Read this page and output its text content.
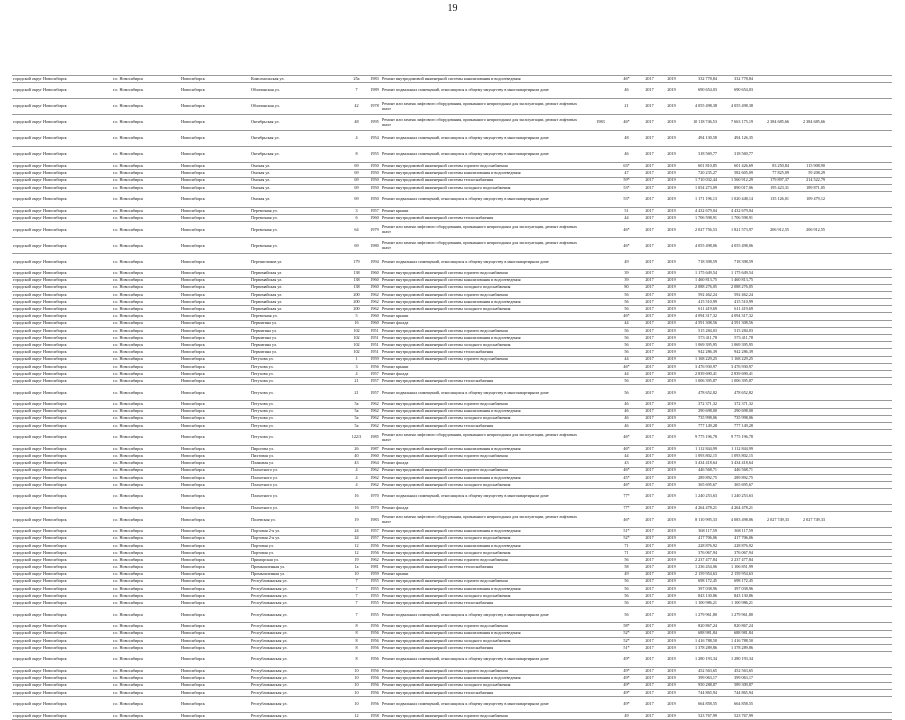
19
городской округ Новосибирск	г.о. Новосибирск	Новосибирск	Комсомольская ул.	25а	1983 Ремонт внутридомовой инженерной системы канализования и водоотведения	46*	2017	2019	332 778,84	332 778,84
городской округ Новосибирск	г.о. Новосибирск	Новосибирск	Облачанская ул.	7	1989 Ремонт подвальных помещений, относящихся к общему имуществу в многоквартирном доме	46	2017	2019	690 654,03	690 654,03
городской округ Новосибирск	г.о. Новосибирск	Новосибирск	Облачанская ул.	42	1978 Ремонт или замена лифтового оборудования, признанного непригодным для эксплуатации, ремонт лифтовых шахт	21	2017	2019	4 055 498,38	4 055 498,38
городской округ Новосибирск	г.о. Новосибирск	Новосибирск	Октябрьская ул.	48	1995 Ремонт или замена лифтового оборудования, признанного непригодным для эксплуатации, ремонт лифтовых шахт	1983	46*	2017	2019	10 118 746,53	7 663 175,19	2 384 685,66	2 384 685,66
городской округ Новосибирск	г.о. Новосибирск	Новосибирск	Октябрьская ул.	4	1954 Ремонт подвальных помещений, относящихся к общему имуществу в многоквартирном доме	48	2017	2019	494 130,58	494 126,35
городской округ Новосибирск	г.о. Новосибирск	Новосибирск	Октябрьская ул.	8	1955 Ремонт подвальных помещений, относящихся к общему имуществу в многоквартирном доме	46	2017	2019	318 569,77	318 569,77
городской округ Новосибирск	г.о. Новосибирск	Новосибирск	Омская ул.	69	1950 Ремонт внутридомовой инженерной системы горячего водоснабжения	63*	2017	2019	601 810,85	601 426,69	83 250,84	115 908,90
городской округ Новосибирск	г.о. Новосибирск	Новосибирск	Омская ул.	69	1950 Ремонт внутридомовой инженерной системы канализования и водоотведения	47	2017	2019	720 235,27	582 605,09	77 825,09	59 208,29
городской округ Новосибирск	г.о. Новосибирск	Новосибирск	Омская ул.	69	1950 Ремонт внутридомовой инженерной системы теплоснабжения	59*	2017	2019	1 710 032,44	1 560 912,29	179 897,37	214 522,79
городской округ Новосибирск	г.о. Новосибирск	Новосибирск	Омская ул.	69	1950 Ремонт внутридомовой инженерной системы холодного водоснабжения	53*	2017	2019	1 054 273,09	890 017,06	195 423,31	189 871,05
городской округ Новосибирск	г.о. Новосибирск	Новосибирск	Омская ул.	69	1950 Ремонт подвальных помещений, относящихся к общему имуществу в многоквартирном доме	53*	2017	2019	1 171 196,13	1 020 448,14	135 126,01	109 479,12
городской округ Новосибирск	г.о. Новосибирск	Новосибирск	Перевозная ул.	3	1957 Ремонт крыши	51	2017	2019	4 432 679,04	4 432 679,04
городской округ Новосибирск	г.о. Новосибирск	Новосибирск	Перевозная ул.	6	1960 Ремонт внутридомовой инженерной системы теплоснабжения	44	2017	2019	1 706 598,91	1 706 598,91
городской округ Новосибирск	г.о. Новосибирск	Новосибирск	Перевозная ул.	64	1979 Ремонт или замена лифтового оборудования, признанного непригодным для эксплуатации, ремонт лифтовых шахт	46*	2017	2019	2 027 756,53	1 821 573,97	206 912,55	206 912,55
городской округ Новосибирск	г.о. Новосибирск	Новосибирск	Перевозная ул.	69	1980 Ремонт или замена лифтового оборудования, признанного непригодным для эксплуатации, ремонт лифтовых шахт	46*	2017	2019	4 055 498,06	4 055 498,06
городской округ Новосибирск	г.о. Новосибирск	Новосибирск	Переписчиков ул.	179	1994 Ремонт подвальных помещений, относящихся к общему имуществу в многоквартирном доме	49	2017	2019	718 398,59	718 398,59
городской округ Новосибирск	г.о. Новосибирск	Новосибирск	Первомайская ул.	138	1960 Ремонт внутридомовой инженерной системы горячего водоснабжения	39	2017	2019	1 175 649,54	1 175 649,54
городской округ Новосибирск	г.о. Новосибирск	Новосибирск	Первомайская ул.	138	1960 Ремонт внутридомовой инженерной системы канализования и водоотведения	39	2017	2019	1 460 813,75	1 460 813,75
городской округ Новосибирск	г.о. Новосибирск	Новосибирск	Первомайская ул.	138	1960 Ремонт внутридомовой инженерной системы холодного водоснабжения	80	2017	2019	2 088 276,05	2 088 276,05
городской округ Новосибирск	г.о. Новосибирск	Новосибирск	Первомайская ул.	200	1962 Ремонт внутридомовой инженерной системы горячего водоснабжения	56	2017	2019	592 462,24	592 462,24
городской округ Новосибирск	г.о. Новосибирск	Новосибирск	Первомайская ул.	200	1962 Ремонт внутридомовой инженерной системы канализования и водоотведения	56	2017	2019	415 510,99	415 510,99
городской округ Новосибирск	г.о. Новосибирск	Новосибирск	Первомайская ул.	200	1962 Ремонт внутридомовой инженерной системы холодного водоснабжения	56	2017	2019	611 419,69	611 419,69
городской округ Новосибирск	г.о. Новосибирск	Новосибирск	Перевозная ул.	5	1960 Ремонт крыши	46*	2017	2019	4 094 317,32	4 094 317,32
городской округ Новосибирск	г.о. Новосибирск	Новосибирск	Пермитина ул.	16	1960 Ремонт фасада	44	2017	2019	4 591 308,56	4 591 308,56
городской округ Новосибирск	г.о. Новосибирск	Новосибирск	Пермитина ул.	102	1951 Ремонт внутридомовой инженерной системы горячего водоснабжения	56	2017	2019	515 284,03	515 284,03
городской округ Новосибирск	г.о. Новосибирск	Новосибирск	Пермитина ул.	102	1951 Ремонт внутридомовой инженерной системы канализования и водоотведения	56	2017	2019	573 411,78	573 411,78
городской округ Новосибирск	г.о. Новосибирск	Новосибирск	Пермитина ул.	102	1951 Ремонт внутридомовой инженерной системы холодного водоснабжения	56	2017	2019	1 069 395,95	1 069 395,95
городской округ Новосибирск	г.о. Новосибирск	Новосибирск	Пермитина ул.	102	1951 Ремонт внутридомовой инженерной системы теплоснабжения	56	2017	2019	942 286,39	942 286,39
городской округ Новосибирск	г.о. Новосибирск	Новосибирск	Петухова ул.	1	1959 Ремонт внутридомовой инженерной системы горячего водоснабжения	44	2017	2019	1 168 229,25	1 168 229,25
городской округ Новосибирск	г.о. Новосибирск	Новосибирск	Петухова ул.	3	1956 Ремонт крыши	46*	2017	2019	3 476 930,97	3 476 930,97
городской округ Новосибирск	г.о. Новосибирск	Новосибирск	Петухова ул.	4	1957 Ремонт фасада	44	2017	2019	2 839 690,41	2 839 690,41
городской округ Новосибирск	г.о. Новосибирск	Новосибирск	Петухова ул.	21	1957 Ремонт внутридомовой инженерной системы теплоснабжения	56	2017	2019	1 006 395,87	1 006 395,87
городской округ Новосибирск	г.о. Новосибирск	Новосибирск	Петухова ул.	21	1957 Ремонт подвальных помещений, относящихся к общему имуществу в многоквартирном доме	56	2017	2019	478 652,82	478 652,82
городской округ Новосибирск	г.о. Новосибирск	Новосибирск	Петухова ул.	5а	1962 Ремонт внутридомовой инженерной системы горячего водоснабжения	46	2017	2019	372 371,32	372 371,32
городской округ Новосибирск	г.о. Новосибирск	Новосибирск	Петухова ул.	5а	1962 Ремонт внутридомовой инженерной системы канализования и водоотведения	46	2017	2019	290 698,00	290 698,00
городской округ Новосибирск	г.о. Новосибирск	Новосибирск	Петухова ул.	5а	1962 Ремонт внутридомовой инженерной системы холодного водоснабжения	46	2017	2019	735 998,06	735 998,06
городской округ Новосибирск	г.о. Новосибирск	Новосибирск	Петухова ул.	5а	1962 Ремонт внутридомовой инженерной системы теплоснабжения	46	2017	2019	777 149,28	777 149,28
городской округ Новосибирск	г.о. Новосибирск	Новосибирск	Петухова ул.	122/3	1985 Ремонт или замена лифтового оборудования, признанного непригодным для эксплуатации, ремонт лифтовых шахт	46*	2017	2019	9 775 196,78	9 775 196,78
городской округ Новосибирск	г.о. Новосибирск	Новосибирск	Пирогова ул.	26	1987 Ремонт внутридомовой инженерной системы канализования и водоотведения	46*	2017	2019	1 112 844,99	1 112 844,99
городской округ Новосибирск	г.о. Новосибирск	Новосибирск	Пихтовая ул.	40	1960 Ремонт внутридомовой инженерной системы горячего водоснабжения	44	2017	2019	1 093 802,15	1 093 802,15
городской округ Новосибирск	г.о. Новосибирск	Новосибирск	Плановая ул.	43	1964 Ремонт фасада	43	2017	2019	3 434 418,64	3 434 418,64
городской округ Новосибирск	г.о. Новосибирск	Новосибирск	Плахотного ул.	4	1962 Ремонт внутридомовой инженерной системы горячего водоснабжения	46*	2017	2019	446 568,71	446 568,71
городской округ Новосибирск	г.о. Новосибирск	Новосибирск	Плахотного ул.	4	1962 Ремонт внутридомовой инженерной системы канализования и водоотведения	45*	2017	2019	289 892,75	289 892,75
городской округ Новосибирск	г.о. Новосибирск	Новосибирск	Плахотного ул.	4	1962 Ремонт внутридомовой инженерной системы холодного водоснабжения	46*	2017	2019	365 695,67	365 695,67
городской округ Новосибирск	г.о. Новосибирск	Новосибирск	Плахотного ул.	16	1970 Ремонт подвальных помещений, относящихся к общему имуществу в многоквартирном доме	77*	2017	2019	1 240 253,63	1 240 253,63
городской округ Новосибирск	г.о. Новосибирск	Новосибирск	Плахотного ул.	16	1970 Ремонт фасада	77*	2017	2019	4 264 478,21	4 264 478,21
городской округ Новосибирск	г.о. Новосибирск	Новосибирск	Полевская ул.	19	1983 Ремонт или замена лифтового оборудования, признанного непригодным для эксплуатации, ремонт лифтовых шахт	46*	2017	2019	8 110 995,33	4 083 498,06	2 027 749,33	2 027 749,33
городской округ Новосибирск	г.о. Новосибирск	Новосибирск	Портовая 2-я ул.	24	1957 Ремонт внутридомовой инженерной системы канализования и водоотведения	51*	2017	2019	368 117,59	368 117,59
городской округ Новосибирск	г.о. Новосибирск	Новосибирск	Портовая 2-я ул.	24	1957 Ремонт внутридомовой инженерной системы холодного водоснабжения	52*	2017	2019	417 706,06	417 706,06
городской округ Новосибирск	г.о. Новосибирск	Новосибирск	Портовая ул.	12	1956 Ремонт внутридомовой инженерной системы канализования и водоотведения	71	2017	2019	228 876,92	228 876,92
городской округ Новосибирск	г.о. Новосибирск	Новосибирск	Портовая ул.	12	1956 Ремонт внутридомовой инженерной системы холодного водоснабжения	71	2017	2019	376 067,94	376 067,94
городской округ Новосибирск	г.о. Новосибирск	Новосибирск	Приморская ул.	19	1962 Ремонт внутридомовой инженерной системы горячего водоснабжения	56	2017	2019	2 237 477,84	2 237 477,84
городской округ Новосибирск	г.о. Новосибирск	Новосибирск	Промышленная ул.	1а	1981 Ремонт внутридомовой инженерной системы теплоснабжения	58	2017	2019	1 236 454,06	1 106 851,99
городской округ Новосибирск	г.о. Новосибирск	Новосибирск	Промышленная ул.	10	1959 Ремонт крыши	49	2017	2019	2 159 954,63	2 159 954,63
городской округ Новосибирск	г.о. Новосибирск	Новосибирск	Республиканская ул.	7	1955 Ремонт внутридомовой инженерной системы горячего водоснабжения	56	2017	2019	698 172,45	698 172,45
городской округ Новосибирск	г.о. Новосибирск	Новосибирск	Республиканская ул.	7	1955 Ремонт внутридомовой инженерной системы канализования и водоотведения	56	2017	2019	397 038,96	397 038,96
городской округ Новосибирск	г.о. Новосибирск	Новосибирск	Республиканская ул.	7	1955 Ремонт внутридомовой инженерной системы холодного водоснабжения	56	2017	2019	843 130,86	843 130,86
городской округ Новосибирск	г.о. Новосибирск	Новосибирск	Республиканская ул.	7	1955 Ремонт внутридомовой инженерной системы теплоснабжения	56	2017	2019	1 100 986,21	1 100 986,21
городской округ Новосибирск	г.о. Новосибирск	Новосибирск	Республиканская ул.	7	1955 Ремонт подвальных помещений, относящихся к общему имуществу в многоквартирном доме	56	2017	2019	1 279 961,80	1 279 961,80
городской округ Новосибирск	г.о. Новосибирск	Новосибирск	Республиканская ул.	8	1956 Ремонт внутридомовой инженерной системы горячего водоснабжения	58*	2017	2019	820 867,24	820 867,24
городской округ Новосибирск	г.о. Новосибирск	Новосибирск	Республиканская ул.	8	1956 Ремонт внутридомовой инженерной системы канализования и водоотведения	52*	2017	2019	688 981,84	688 981,84
городской округ Новосибирск	г.о. Новосибирск	Новосибирск	Республиканская ул.	8	1956 Ремонт внутридомовой инженерной системы холодного водоснабжения	52*	2017	2019	1 416 788,50	1 416 788,50
городской округ Новосибирск	г.о. Новосибирск	Новосибирск	Республиканская ул.	8	1956 Ремонт внутридомовой инженерной системы теплоснабжения	51*	2017	2019	1 378 289,86	1 378 289,86
городской округ Новосибирск	г.о. Новосибирск	Новосибирск	Республиканская ул.	8	1956 Ремонт подвальных помещений, относящихся к общему имуществу в многоквартирном доме	49*	2017	2019	1 280 193,34	1 280 193,34
городской округ Новосибирск	г.о. Новосибирск	Новосибирск	Республиканская ул.	10	1956 Ремонт внутридомовой инженерной системы горячего водоснабжения	49*	2017	2019	452 563,65	452 563,65
городской округ Новосибирск	г.о. Новосибирск	Новосибирск	Республиканская ул.	10	1956 Ремонт внутридомовой инженерной системы канализования и водоотведения	49*	2017	2019	399 063,17	399 063,17
городской округ Новосибирск	г.о. Новосибирск	Новосибирск	Республиканская ул.	10	1956 Ремонт внутридомовой инженерной системы холодного водоснабжения	49*	2017	2019	950 288,87	589 309,87
городской округ Новосибирск	г.о. Новосибирск	Новосибирск	Республиканская ул.	10	1956 Ремонт внутридомовой инженерной системы теплоснабжения	49*	2017	2019	744 865,94	744 865,94
городской округ Новосибирск	г.о. Новосибирск	Новосибирск	Республиканская ул.	10	1956 Ремонт подвальных помещений, относящихся к общему имуществу в многоквартирном доме	49*	2017	2019	664 858,55	664 858,55
городской округ Новосибирск	г.о. Новосибирск	Новосибирск	Республиканская ул.	12	1958 Ремонт внутридомовой инженерной системы горячего водоснабжения	49	2017	2019	523 767,99	523 767,99
